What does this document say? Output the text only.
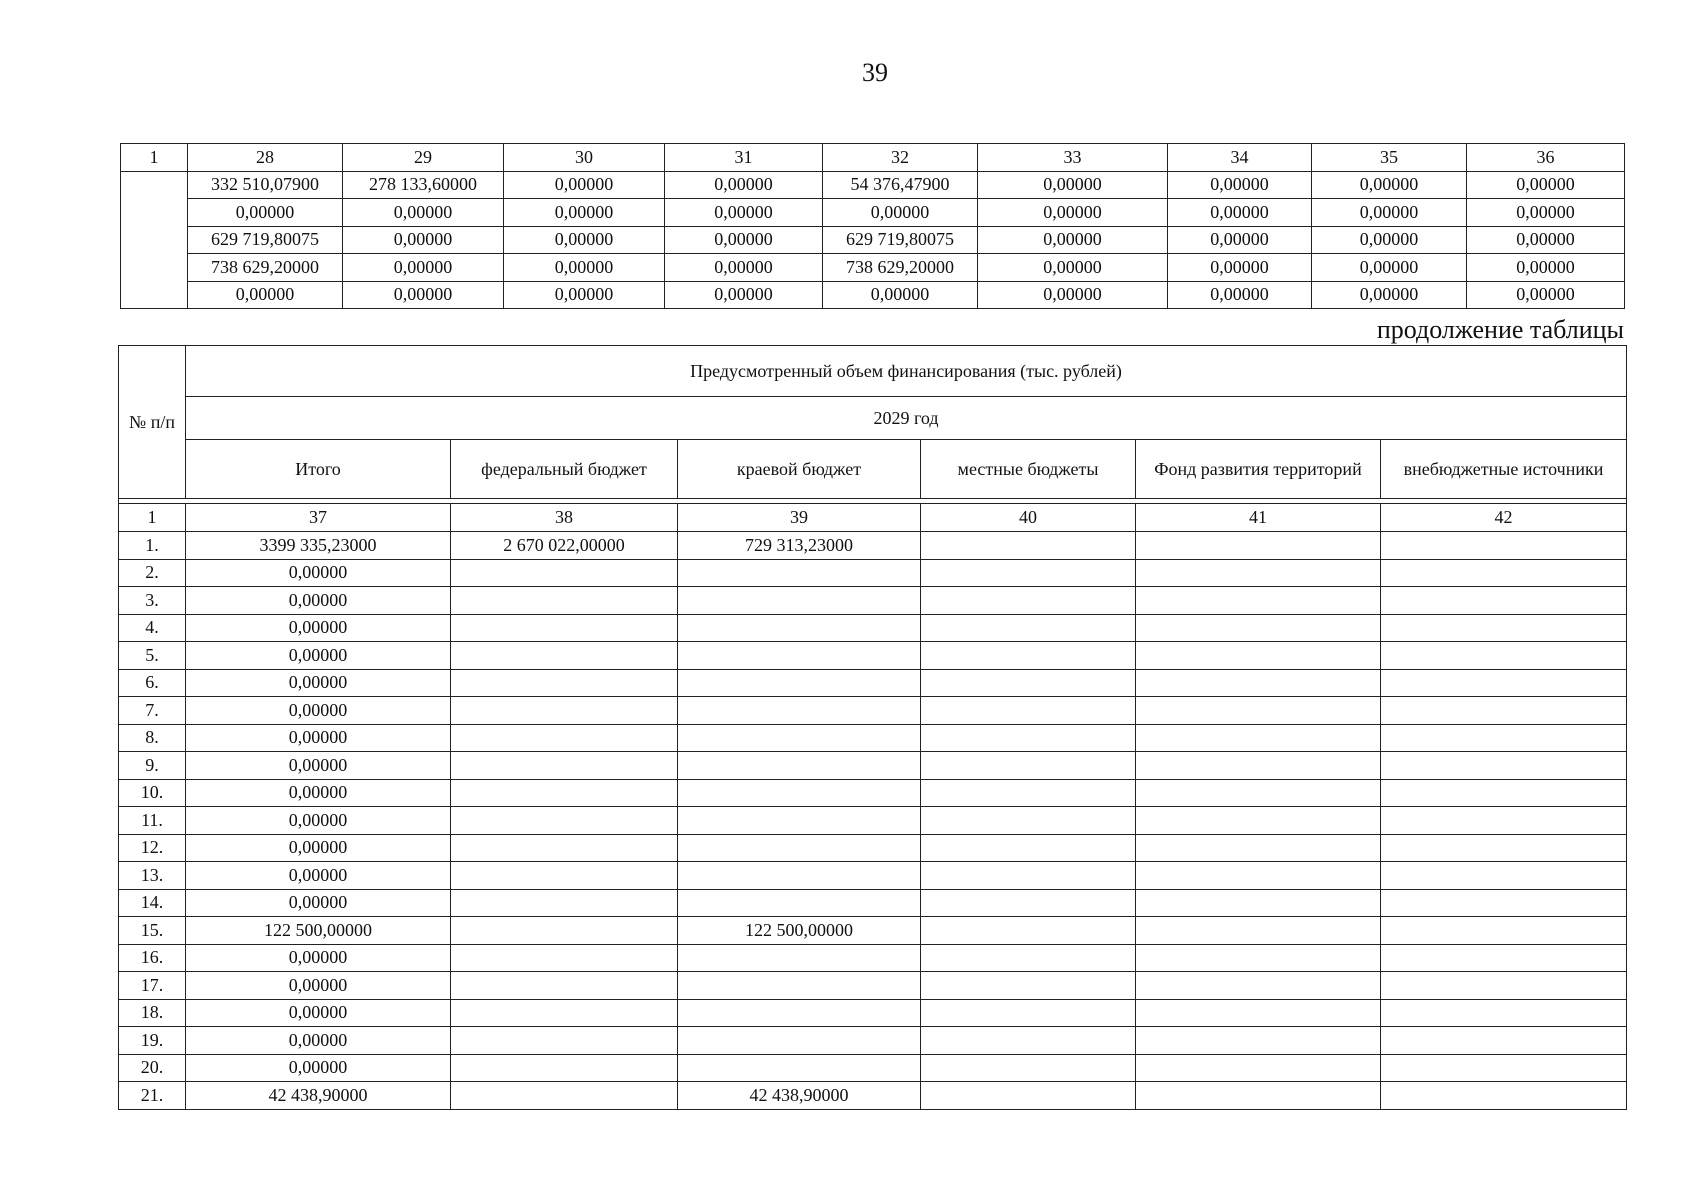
39
1	28	29	30	31	32	33	34	35	36
	332 510,07900	278 133,60000	0,00000	0,00000	54 376,47900	0,00000	0,00000	0,00000	0,00000
	0,00000	0,00000	0,00000	0,00000	0,00000	0,00000	0,00000	0,00000	0,00000
	629 719,80075	0,00000	0,00000	0,00000	629 719,80075	0,00000	0,00000	0,00000	0,00000
	738 629,20000	0,00000	0,00000	0,00000	738 629,20000	0,00000	0,00000	0,00000	0,00000
	0,00000	0,00000	0,00000	0,00000	0,00000	0,00000	0,00000	0,00000	0,00000
продолжение таблицы
№ п/п	Предусмотренный объем финансирования (тыс. рублей)					
	2029 год					
	Итого	федеральный бюджет	краевой бюджет	местные бюджеты	Фонд развития территорий	внебюджетные источники

1	37	38	39	40	41	42
1.	3399 335,23000	2 670 022,00000	729 313,23000			
2.	0,00000					
3.	0,00000					
4.	0,00000					
5.	0,00000					
6.	0,00000					
7.	0,00000					
8.	0,00000					
9.	0,00000					
10.	0,00000					
11.	0,00000					
12.	0,00000					
13.	0,00000					
14.	0,00000					
15.	122 500,00000		122 500,00000			
16.	0,00000					
17.	0,00000					
18.	0,00000					
19.	0,00000					
20.	0,00000					
21.	42 438,90000		42 438,90000			
